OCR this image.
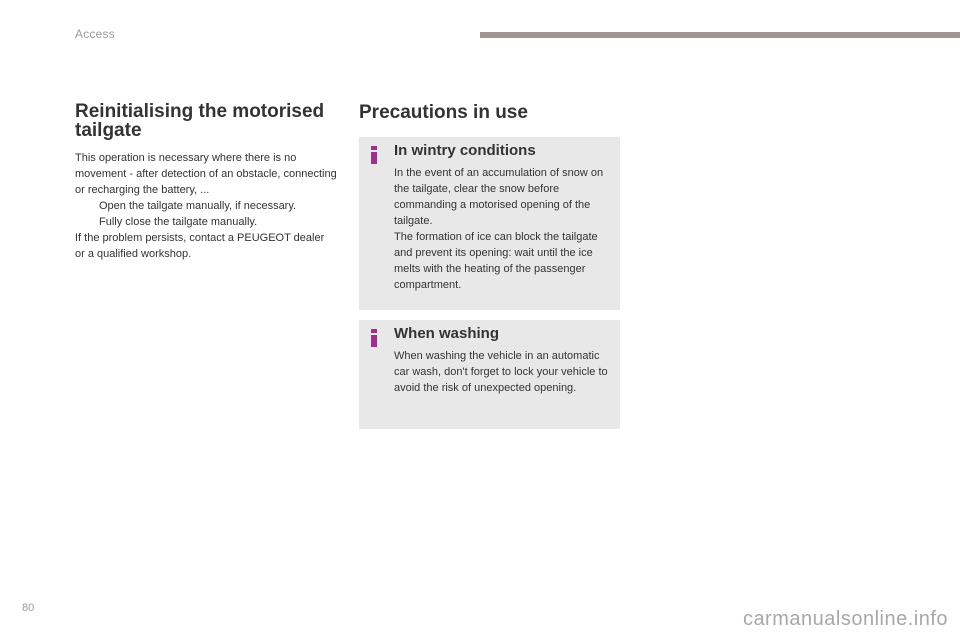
Access
Reinitialising the motorised
tailgate

This operation is necessary where there is no movement - after detection of an obstacle, connecting or recharging the battery, ...

Open the tailgate manually, if necessary.
Fully close the tailgate manually.

If the problem persists, contact a PEUGEOT dealer or a qualified workshop.

Precautions in use
In wintry conditions

In the event of an accumulation of snow on the tailgate, clear the snow before commanding a motorised opening of the tailgate.

The formation of ice can block the tailgate and prevent its opening: wait until the ice melts with the heating of the passenger compartment.

When washing

When washing the vehicle in an automatic car wash, don't forget to lock your vehicle to avoid the risk of unexpected opening.

80	carmanualsonline.info
